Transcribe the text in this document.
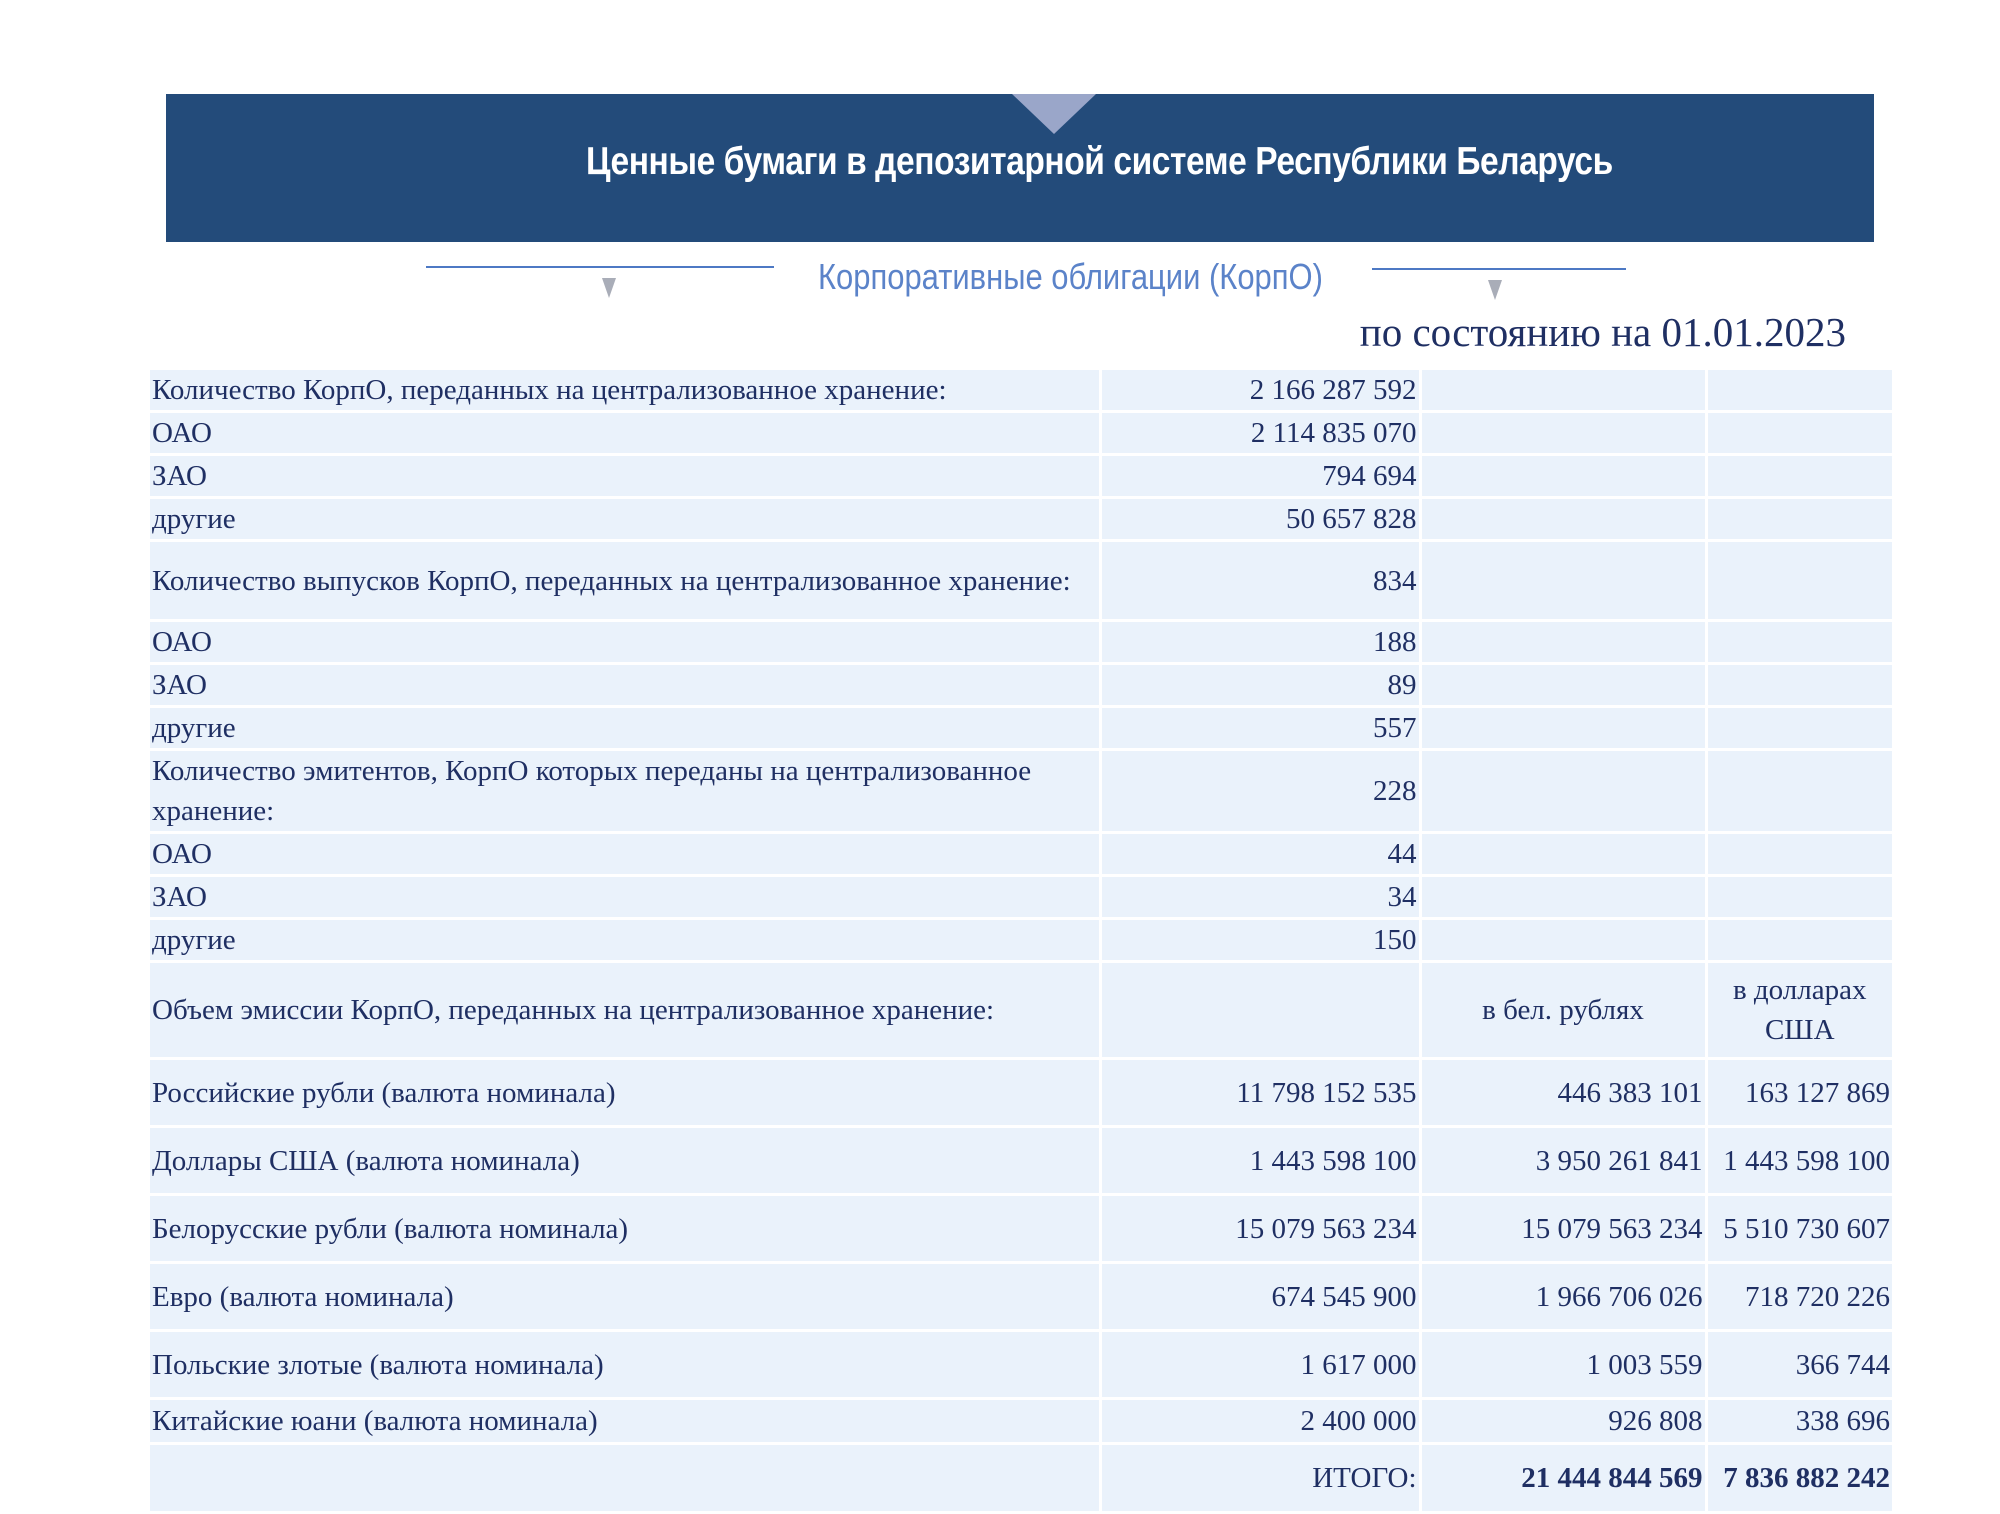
Ценные бумаги в депозитарной системе Республики Беларусь
Корпоративные облигации (КорпО)
по состоянию на 01.01.2023
Количество КорпО, переданных на централизованное хранение:	2 166 287 592		
ОАО	2 114 835 070		
ЗАО	794 694		
другие	50 657 828		
Количество выпусков КорпО, переданных на централизованное хранение:	834		
ОАО	188		
ЗАО	89		
другие	557		
Количество эмитентов, КорпО которых переданы на централизованное хранение:	228		
ОАО	44		
ЗАО	34		
другие	150		
Объем эмиссии КорпО, переданных на централизованное хранение:		в бел. рублях	в долларах США
Российские рубли (валюта номинала)	11 798 152 535	446 383 101	163 127 869
Доллары США (валюта номинала)	1 443 598 100	3 950 261 841	1 443 598 100
Белорусские рубли (валюта номинала)	15 079 563 234	15 079 563 234	5 510 730 607
Евро (валюта номинала)	674 545 900	1 966 706 026	718 720 226
Польские злотые (валюта номинала)	1 617 000	1 003 559	366 744
Китайские юани (валюта номинала)	2 400 000	926 808	338 696
	ИТОГО:	21 444 844 569	7 836 882 242
